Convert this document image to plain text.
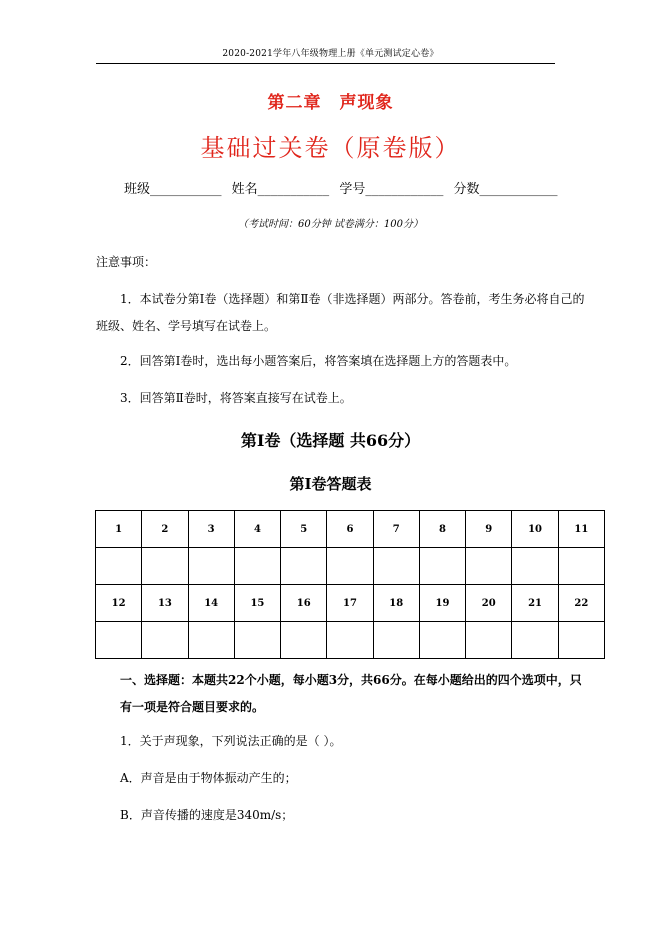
2020-2021学年八年级物理上册《单元测试定心卷》
第二章 声现象
基础过关卷（原卷版）
班级___________ 姓名___________ 学号____________ 分数____________
（考试时间：60分钟 试卷满分：100分）
注意事项：
1．本试卷分第Ⅰ卷（选择题）和第Ⅱ卷（非选择题）两部分。答卷前，考生务必将自己的
班级、姓名、学号填写在试卷上。
2．回答第Ⅰ卷时，选出每小题答案后，将答案填在选择题上方的答题表中。
3．回答第Ⅱ卷时，将答案直接写在试卷上。
第Ⅰ卷（选择题 共66分）
第Ⅰ卷答题表
1	2	3	4	5	6	7	8	9	10	11

12	13	14	15	16	17	18	19	20	21	22

一、选择题：本题共22个小题，每小题3分，共66分。在每小题给出的四个选项中，只有一项是符合题目要求的。
1．关于声现象，下列说法正确的是（ ）。
A．声音是由于物体振动产生的；
B．声音传播的速度是340m/s；
